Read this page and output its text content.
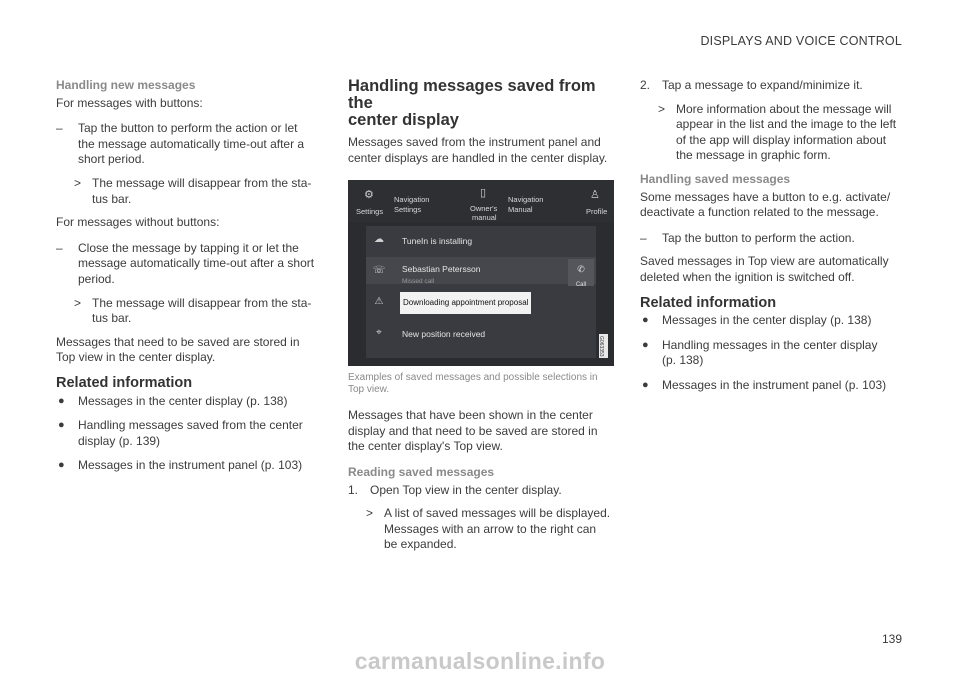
DISPLAYS AND VOICE CONTROL
Handling new messages

For messages with buttons:

– Tap the button to perform the action or let
the message automatically time-out after a
short period.
> The message will disappear from the sta-
tus bar.

For messages without buttons:

– Close the message by tapping it or let the
message automatically time-out after a short
period.
> The message will disappear from the sta-
tus bar.

Messages that need to be saved are stored in
Top view in the center display.

Related information
● Messages in the center display (p. 138)
● Handling messages saved from the center
display (p. 139)
● Messages in the instrument panel (p. 103)
Handling messages saved from the
center display

Messages saved from the instrument panel and
center displays are handled in the center display.

⚙
Settings
Navigation
Settings
▯
Owner's
manual
Navigation
Manual
♙
Profile
☁ TuneIn is installing
☏ Sebastian Petersson
Missed call
✆
Call
⚠	Downloading appointment proposal
⌖	New position received
G063353
Examples of saved messages and possible selections in
Top view.

Messages that have been shown in the center
display and that need to be saved are stored in
the center display's Top view.

Reading saved messages
1. Open Top view in the center display.
> A list of saved messages will be displayed.
Messages with an arrow to the right can
be expanded.
2. Tap a message to expand/minimize it.
> More information about the message will
appear in the list and the image to the left
of the app will display information about
the message in graphic form.
Handling saved messages

Some messages have a button to e.g. activate/
deactivate a function related to the message.

– Tap the button to perform the action.

Saved messages in Top view are automatically
deleted when the ignition is switched off.

Related information
● Messages in the center display (p. 138)
● Handling messages in the center display
(p. 138)
● Messages in the instrument panel (p. 103)
139
carmanualsonline.info
